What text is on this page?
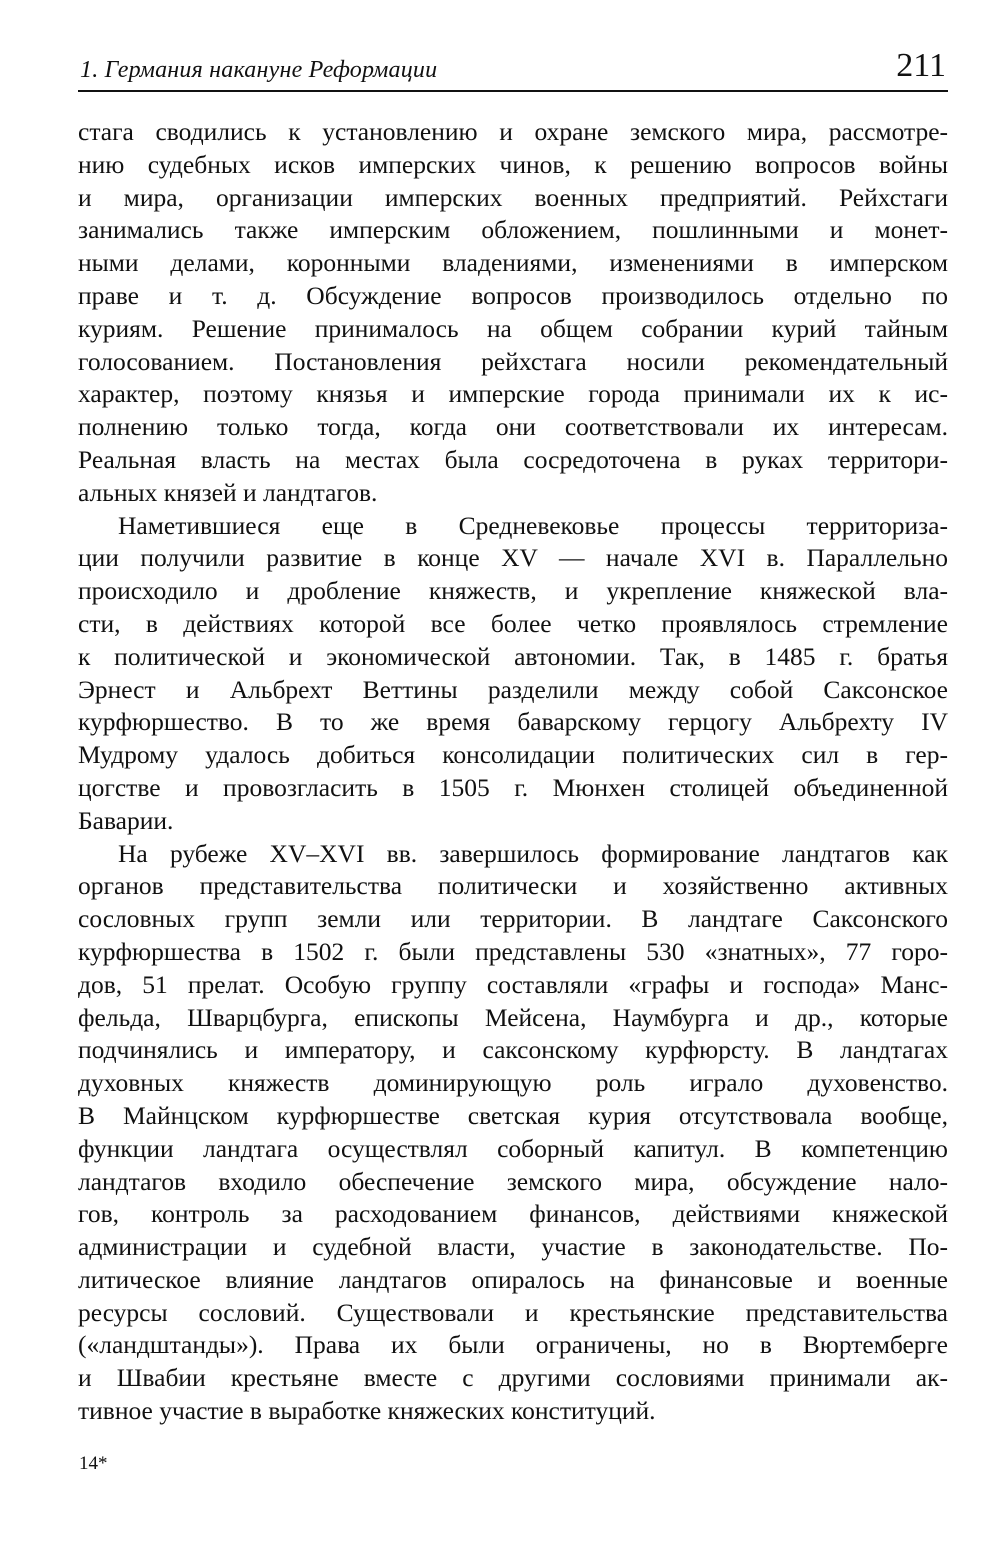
1. Германия накануне Реформации	211

стага сводились к установлению и охране земского мира, рассмотре-
нию судебных исков имперских чинов, к решению вопросов войны
и мира, организации имперских военных предприятий. Рейхстаги
занимались также имперским обложением, пошлинными и монет-
ными делами, коронными владениями, изменениями в имперском
праве и т. д. Обсуждение вопросов производилось отдельно по
куриям. Решение принималось на общем собрании курий тайным
голосованием. Постановления рейхстага носили рекомендательный
характер, поэтому князья и имперские города принимали их к ис-
полнению только тогда, когда они соответствовали их интересам.
Реальная власть на местах была сосредоточена в руках территори-
альных князей и ландтагов.

Наметившиеся еще в Средневековье процессы территориза-
ции получили развитие в конце XV — начале XVI в. Параллельно
происходило и дробление княжеств, и укрепление княжеской вла-
сти, в действиях которой все более четко проявлялось стремление
к политической и экономической автономии. Так, в 1485 г. братья
Эрнест и Альбрехт Веттины разделили между собой Саксонское
курфюршество. В то же время баварскому герцогу Альбрехту IV
Мудрому удалось добиться консолидации политических сил в гер-
цогстве и провозгласить в 1505 г. Мюнхен столицей объединенной
Баварии.

На рубеже XV–XVI вв. завершилось формирование ландтагов как
органов представительства политически и хозяйственно активных
сословных групп земли или территории. В ландтаге Саксонского
курфюршества в 1502 г. были представлены 530 «знатных», 77 горо-
дов, 51 прелат. Особую группу составляли «графы и господа» Манс-
фельда, Шварцбурга, епископы Мейсена, Наумбурга и др., которые
подчинялись и императору, и саксонскому курфюрсту. В ландтагах
духовных княжеств доминирующую роль играло духовенство.
В Майнцском курфюршестве светская курия отсутствовала вообще,
функции ландтага осуществлял соборный капитул. В компетенцию
ландтагов входило обеспечение земского мира, обсуждение нало-
гов, контроль за расходованием финансов, действиями княжеской
администрации и судебной власти, участие в законодательстве. По-
литическое влияние ландтагов опиралось на финансовые и военные
ресурсы сословий. Существовали и крестьянские представительства
(«ландштанды»). Права их были ограничены, но в Вюртемберге
и Швабии крестьяне вместе с другими сословиями принимали ак-
тивное участие в выработке княжеских конституций.

14*
